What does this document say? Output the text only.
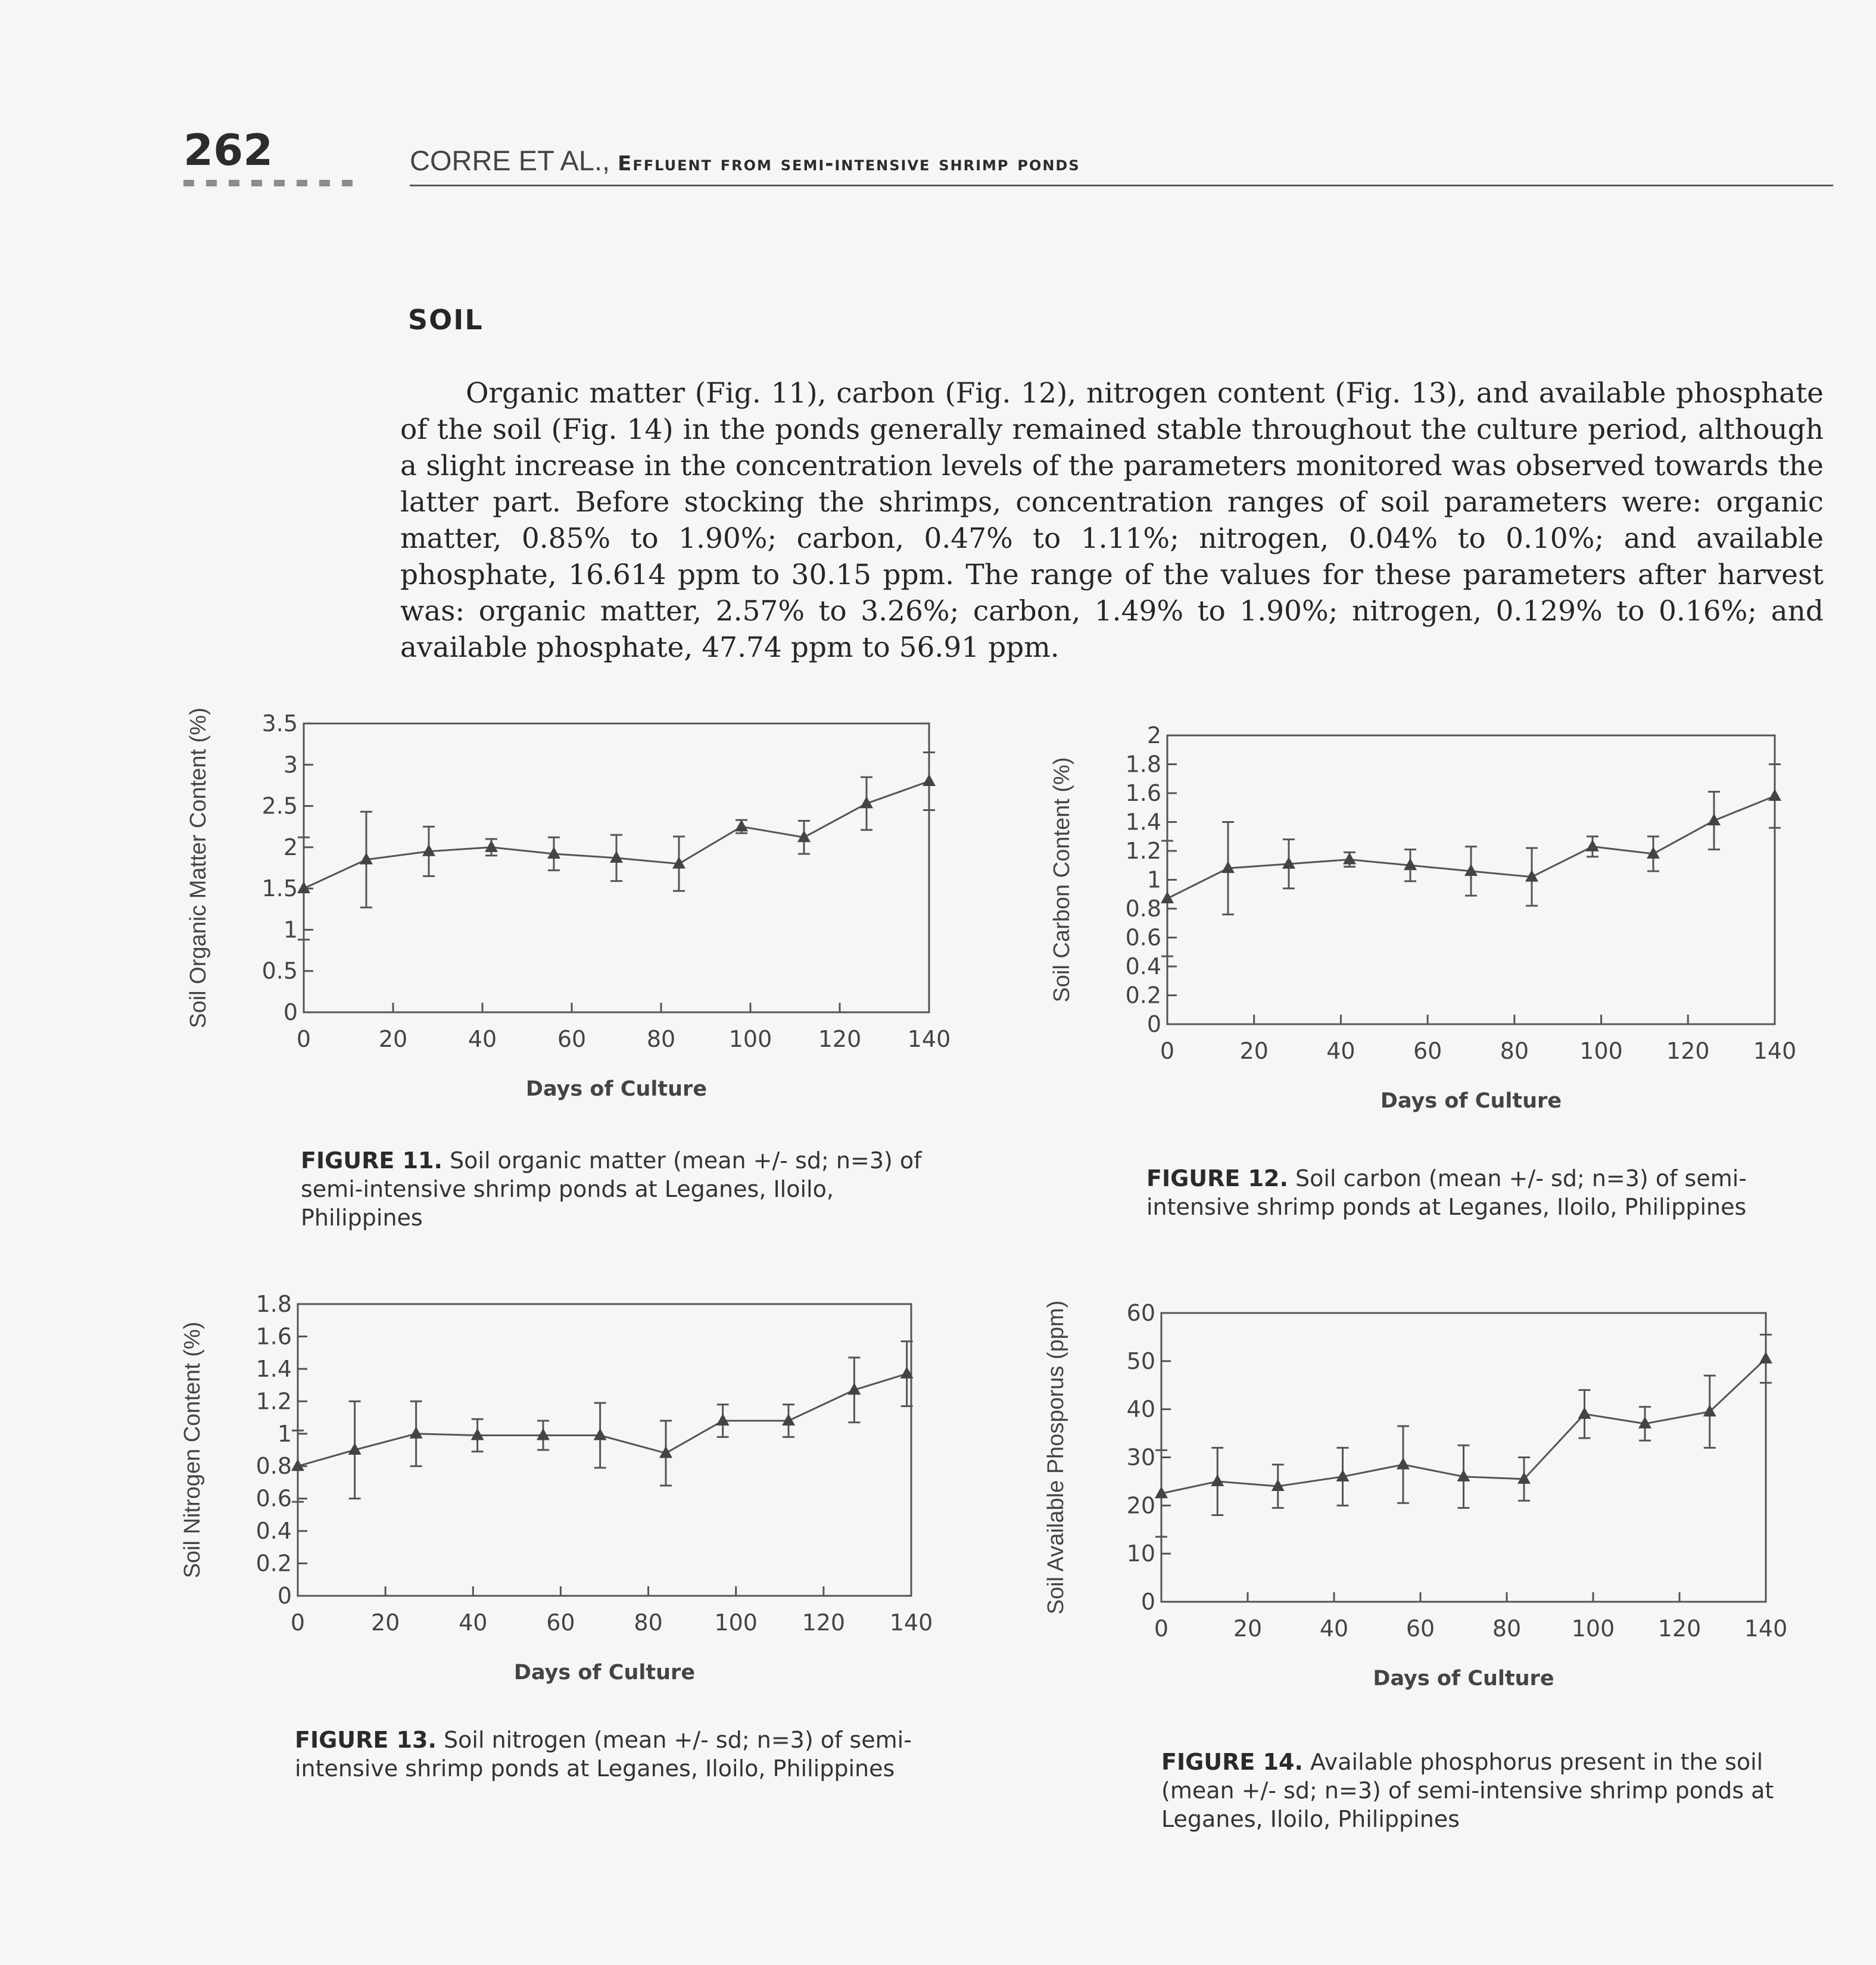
262	CORRE ET AL., Effluent from semi-intensive shrimp ponds
SOIL

Organic matter (Fig. 11), carbon (Fig. 12), nitrogen content (Fig. 13), and available phosphate of the soil (Fig. 14) in the ponds generally remained stable throughout the culture period, although a slight increase in the concentration levels of the parameters monitored was observed towards the latter part. Before stocking the shrimps, concentration ranges of soil parameters were: organic matter, 0.85% to 1.90%; carbon, 0.47% to 1.11%; nitrogen, 0.04% to 0.10%; and available phosphate, 16.614 ppm to 30.15 ppm. The range of the values for these parameters after harvest was: organic matter, 2.57% to 3.26%; carbon, 1.49% to 1.90%; nitrogen, 0.129% to 0.16%; and available phosphate, 47.74 ppm to 56.91 ppm.

0
0.5
1
1.5
2
2.5
3
3.5
0	20	40	60	80 100 120 140
Days of Culture
Soil Organic Matter Content (%)

FIGURE 11. Soil organic matter (mean +/- sd; n=3) of semi-intensive shrimp ponds at Leganes, Iloilo, Philippines

0
0.2
0.4
0.6
0.8
1
1.2
1.4
1.6
1.8
2
0	20	40	60	80 100 120 140
Days of Culture
Soil Carbon Content (%)

FIGURE 12. Soil carbon (mean +/- sd; n=3) of semi-intensive shrimp ponds at Leganes, Iloilo, Philippines

0
0.2
0.4
0.6
0.8
1
1.2
1.4
1.6
1.8
0	20	40	60	80 100 120 140
Days of Culture
Soil Nitrogen Content (%)

FIGURE 13. Soil nitrogen (mean +/- sd; n=3) of semi-intensive shrimp ponds at Leganes, Iloilo, Philippines

0
10
20
30
40
50
60
0	20	40	60	80 100 120 140
Days of Culture
Soil Available Phosporus (ppm)

FIGURE 14. Available phosphorus present in the soil (mean +/- sd; n=3) of semi-intensive shrimp ponds at Leganes, Iloilo, Philippines
